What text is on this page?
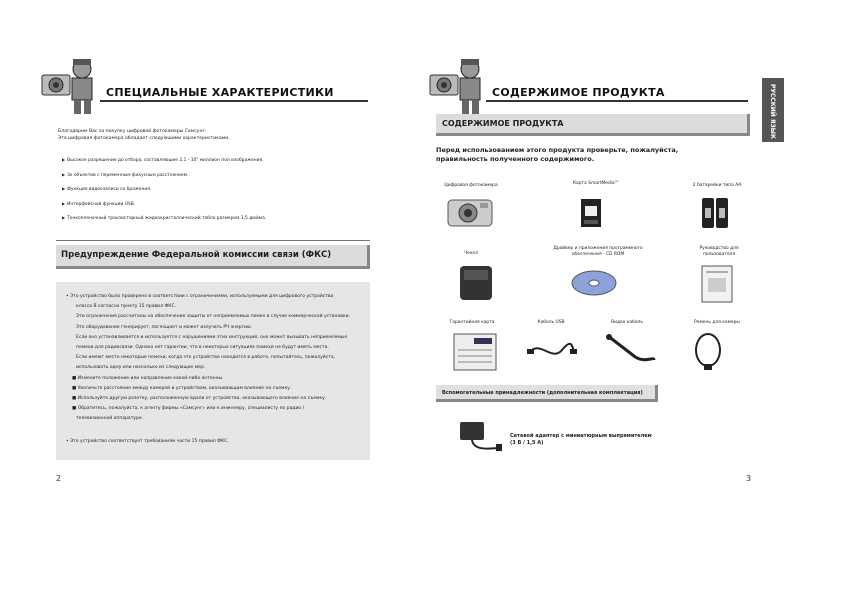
СПЕЦИАЛЬНЫЕ ХАРАКТЕРИСТИКИ
Благодарим Вас за покупку цифровой фотокамеры Самсунг.
Эта цифровая фотокамера обладает следующими характеристиками.
▶ Высокое разрешение до отбора, составляющее 2,1 - 10" миллион пол изображения.
▶ 3x объектив с переменным фокусным расстоянием.
▶ Функция видеозаписи со бражения.
▶ Интерфейсной функции USB.
▶ Тонкопленочный транзисторный жидкокристаллический табло размером 1,5 дюйма.
Предупреждение Федеральной комиссии связи (ФКС)
• Это устройство было проверено в соответствии с ограничениями, используемыми для цифрового устройства
класса B согласно пункту 15 правил ФКС.
Эти ограничения рассчитаны на обеспечение защиты от неприемлемых помех в случае коммерческой установки.
Это оборудование генерирует, поглощает и может излучать РЧ энергию.
Если оно устанавливается и используется с нарушениями этих инструкций, оно может вызывать неприемлемые
помехи для радиосвязи. Однако нет гарантии, что в некоторых ситуациях помехи не будут иметь места.
Если имеют место некоторые помехи, когда это устройство находится в работе, попытайтесь, пожалуйста,
использовать одну или несколько из следующих мер.
■ Измените положение или направление какой-либо антенны.
■ Увеличьте расстояние между камерой и устройством, оказывающим влияние на съемку.
■ Используйте другую розетку, расположенную вдали от устройства, оказывающего влияние на съемку.
■ Обратитесь, пожалуйста, к агенту фирмы «Самсунг» или к инженеру, специалисту по радио /
телевизионной аппаратуре.
• Это устройство соответствует требованиям части 15 правил ФКС.
2
СОДЕРЖИМОЕ ПРОДУКТА	РУССКИЙ ЯЗЫК
СОДЕРЖИМОЕ ПРОДУКТА
Перед использованием этого продукта проверьте, пожалуйста,
правильность полученного содержимого.
Цифровая фотокамера	Карта SmartMedia™	2 батарейки типа АА
Чехол
Драйвер и приложения программного обеспечения - CD ROM
Руководство для пользователя
Гарантийная карта	Кабель USB	Видео кабель	Ремень для камеры
Вспомогательные принадлежности (дополнительная комплектация)
Сетевой адаптер с миниатюрным выпрямителем
(3 В / 1,5 А)
3
